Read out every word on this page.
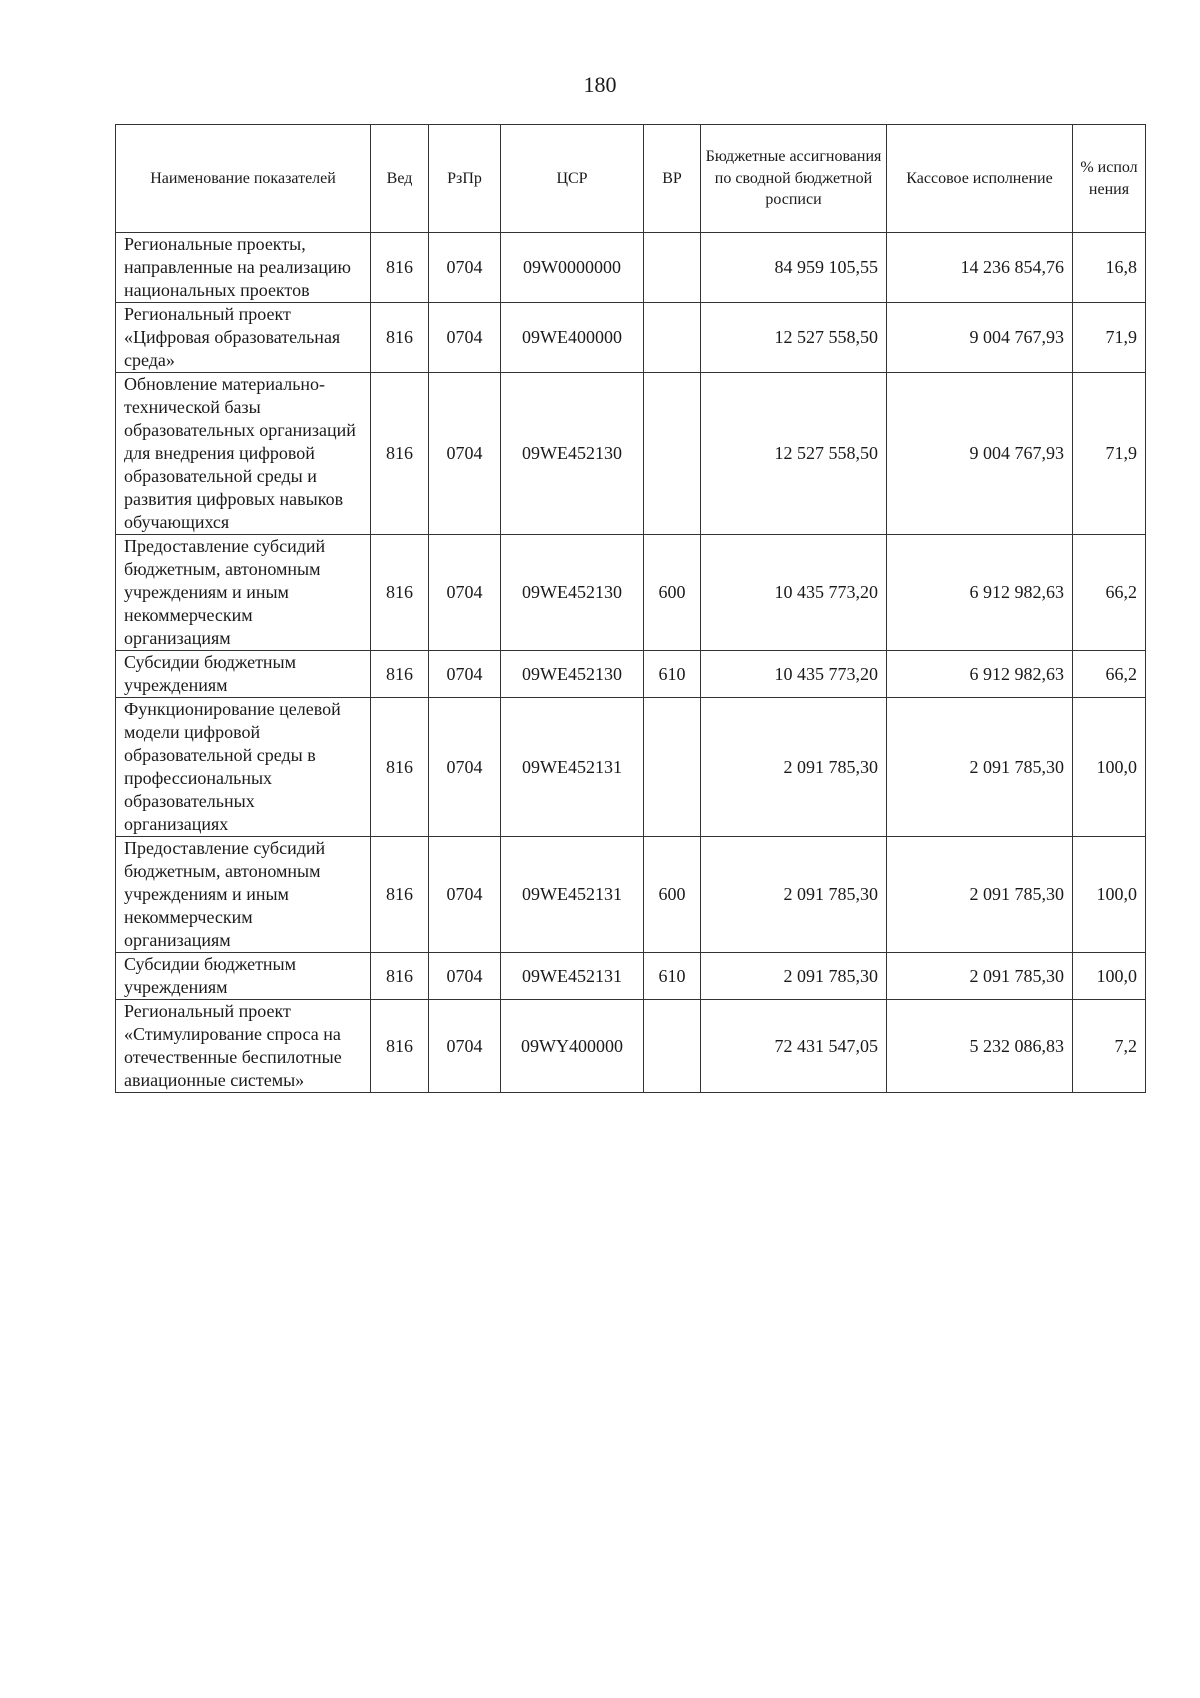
180
Наименование показателей	Вед	РзПр	ЦСР	ВР	Бюджетные ассигнования по сводной бюджетной росписи	Кассовое исполнение	% испол нения
Региональные проекты, направленные на реализацию национальных проектов	816	0704	09W0000000		84 959 105,55	14 236 854,76	16,8
Региональный проект «Цифровая образовательная среда»	816	0704	09WE400000		12 527 558,50	9 004 767,93	71,9
Обновление материально-технической базы образовательных организаций для внедрения цифровой образовательной среды и развития цифровых навыков обучающихся	816	0704	09WE452130		12 527 558,50	9 004 767,93	71,9
Предоставление субсидий бюджетным, автономным учреждениям и иным некоммерческим организациям	816	0704	09WE452130	600	10 435 773,20	6 912 982,63	66,2
Субсидии бюджетным учреждениям	816	0704	09WE452130	610	10 435 773,20	6 912 982,63	66,2
Функционирование целевой модели цифровой образовательной среды в профессиональных образовательных организациях	816	0704	09WE452131		2 091 785,30	2 091 785,30	100,0
Предоставление субсидий бюджетным, автономным учреждениям и иным некоммерческим организациям	816	0704	09WE452131	600	2 091 785,30	2 091 785,30	100,0
Субсидии бюджетным учреждениям	816	0704	09WE452131	610	2 091 785,30	2 091 785,30	100,0
Региональный проект «Стимулирование спроса на отечественные беспилотные авиационные системы»	816	0704	09WY400000		72 431 547,05	5 232 086,83	7,2
